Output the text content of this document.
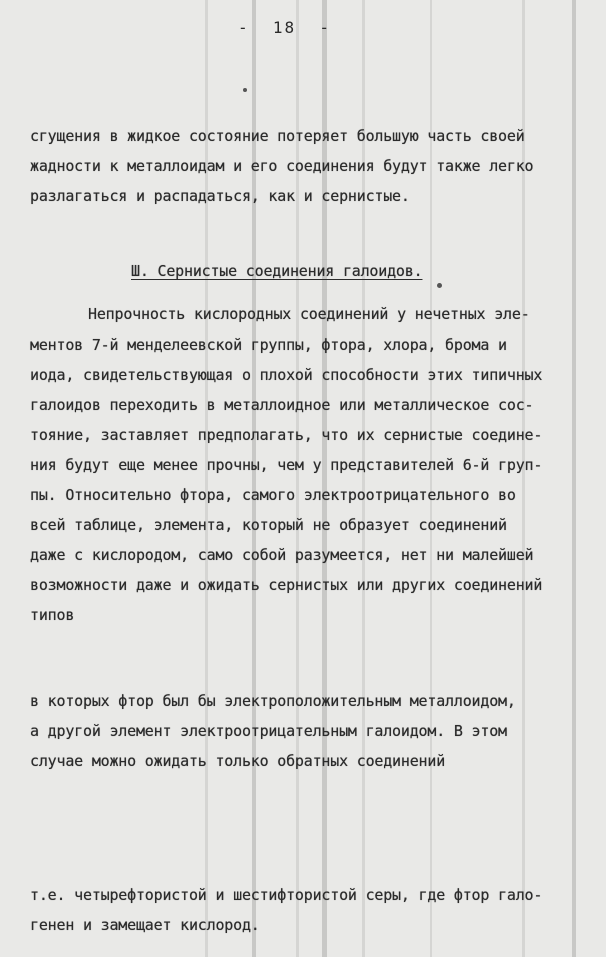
-  18  -
сгущения в жидкое состояние потеряет большую часть своей
жадности к металлоидам и его соединения будут также легко
разлагаться и распадаться, как и сернистые.
Ш. Сернистые соединения галоидов.
Непрочность кислородных соединений у нечетных эле-
ментов 7-й менделеевской группы, фтора, хлора, брома и
иода, свидетельствующая о плохой способности этих типичных
галоидов переходить в металлоидное или металлическое сос-
тояние, заставляет предполагать, что их сернистые соедине-
ния будут еще менее прочны, чем у представителей 6-й груп-
пы. Относительно фтора, самого электроотрицательного во
всей таблице, элемента, который не образует соединений
даже с кислородом, само собой разумеется, нет ни малейшей
возможности даже и ожидать сернистых или других соединений
типов
в которых фтор был бы электроположительным металлоидом,
а другой элемент электроотрицательным галоидом. В этом
случае можно ожидать только обратных соединений
т.е. четырефтористой и шестифтористой серы, где фтор гало-
генен и замещает кислород.
